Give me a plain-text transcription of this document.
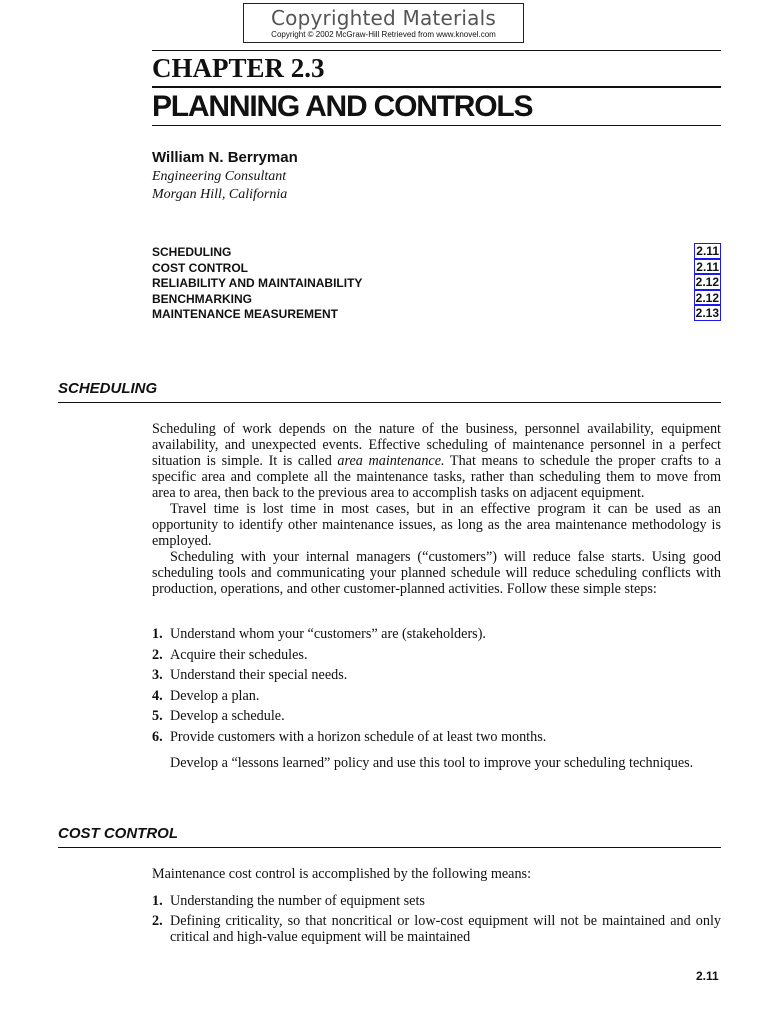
Copyrighted Materials
Copyright © 2002 McGraw-Hill Retrieved from www.knovel.com
CHAPTER 2.3
PLANNING AND CONTROLS
William N. Berryman
Engineering Consultant
Morgan Hill, California
SCHEDULING	2.11
COST CONTROL	2.11
RELIABILITY AND MAINTAINABILITY	2.12
BENCHMARKING	2.12
MAINTENANCE MEASUREMENT	2.13
SCHEDULING

Scheduling of work depends on the nature of the business, personnel availability, equipment availability, and unexpected events. Effective scheduling of maintenance personnel in a perfect situation is simple. It is called area maintenance. That means to schedule the proper crafts to a specific area and complete all the maintenance tasks, rather than scheduling them to move from area to area, then back to the previous area to accomplish tasks on adjacent equipment.

Travel time is lost time in most cases, but in an effective program it can be used as an opportunity to identify other maintenance issues, as long as the area maintenance methodology is employed.

Scheduling with your internal managers (“customers”) will reduce false starts. Using good scheduling tools and communicating your planned schedule will reduce scheduling conflicts with production, operations, and other customer-planned activities. Follow these simple steps:

1. Understand whom your “customers” are (stakeholders).
2. Acquire their schedules.
3. Understand their special needs.
4. Develop a plan.
5. Develop a schedule.
6. Provide customers with a horizon schedule of at least two months.

Develop a “lessons learned” policy and use this tool to improve your scheduling techniques.

COST CONTROL

Maintenance cost control is accomplished by the following means:

1. Understanding the number of equipment sets
2. Defining criticality, so that noncritical or low-cost equipment will not be maintained and only critical and high-value equipment will be maintained
2.11
